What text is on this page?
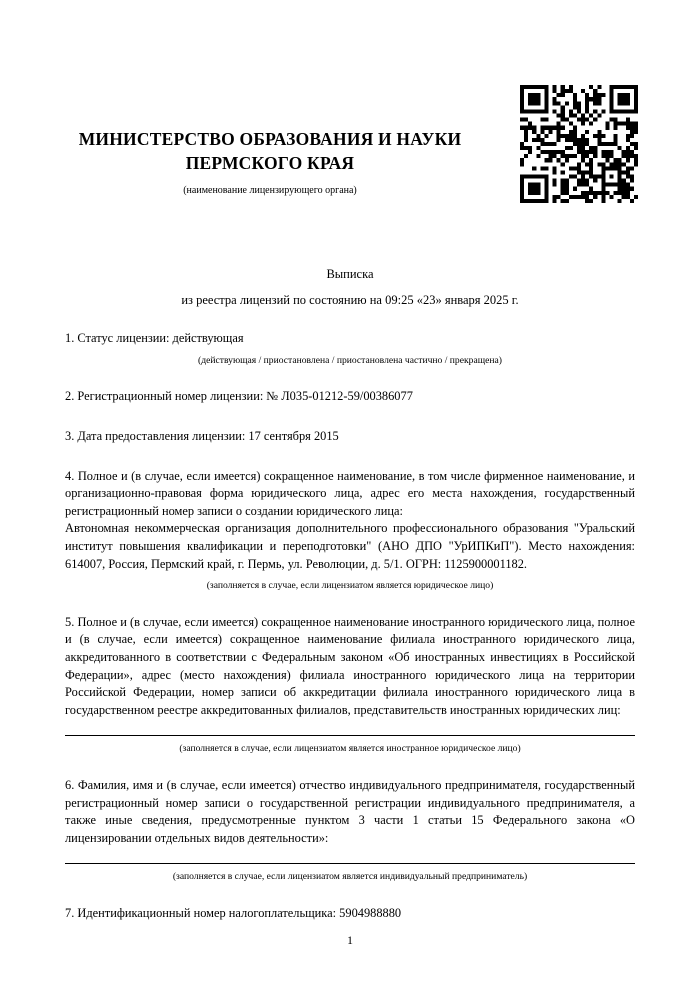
МИНИСТЕРСТВО ОБРАЗОВАНИЯ И НАУКИ ПЕРМСКОГО КРАЯ
(наименование лицензирующего органа)
Выписка
из реестра лицензий по состоянию на 09:25 «23» января 2025 г.

1. Статус лицензии: действующая

(действующая / приостановлена / приостановлена частично / прекращена)

2. Регистрационный номер лицензии: № Л035-01212-59/00386077

3. Дата предоставления лицензии: 17 сентября 2015

4. Полное и (в случае, если имеется) сокращенное наименование, в том числе фирменное наименование, и организационно-правовая форма юридического лица, адрес его места нахождения, государственный регистрационный номер записи о создании юридического лица:

Автономная некоммерческая организация дополнительного профессионального образования "Уральский институт повышения квалификации и переподготовки" (АНО ДПО "УрИПКиП"). Место нахождения: 614007, Россия, Пермский край, г. Пермь, ул. Революции, д. 5/1. ОГРН: 1125900001182.

(заполняется в случае, если лицензиатом является юридическое лицо)

5. Полное и (в случае, если имеется) сокращенное наименование иностранного юридического лица, полное и (в случае, если имеется) сокращенное наименование филиала иностранного юридического лица, аккредитованного в соответствии с Федеральным законом «Об иностранных инвестициях в Российской Федерации», адрес (место нахождения) филиала иностранного юридического лица на территории Российской Федерации, номер записи об аккредитации филиала иностранного юридического лица в государственном реестре аккредитованных филиалов, представительств иностранных юридических лиц:

(заполняется в случае, если лицензиатом является иностранное юридическое лицо)

6. Фамилия, имя и (в случае, если имеется) отчество индивидуального предпринимателя, государственный регистрационный номер записи о государственной регистрации индивидуального предпринимателя, а также иные сведения, предусмотренные пунктом 3 части 1 статьи 15 Федерального закона «О лицензировании отдельных видов деятельности»:

(заполняется в случае, если лицензиатом является индивидуальный предприниматель)

7. Идентификационный номер налогоплательщика: 5904988880

1
